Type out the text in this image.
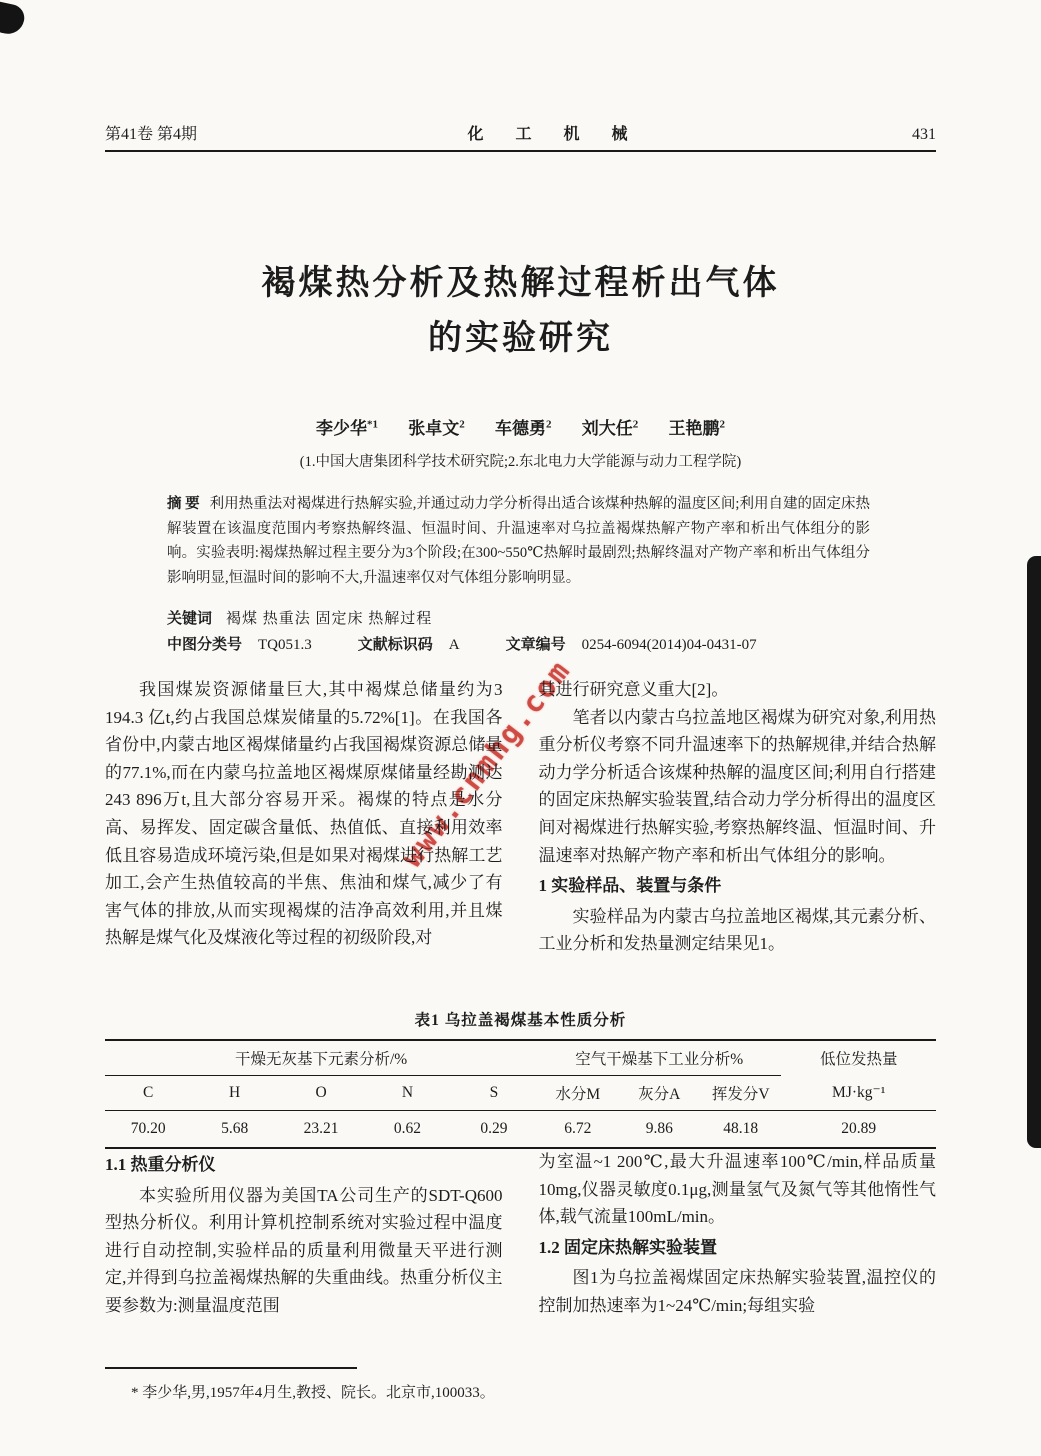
www.cnmhg.com
第41卷 第4期	化 工 机 械	431
褐煤热分析及热解过程析出气体
的实验研究
李少华$^{*1}$ 张卓文$^2$ 车德勇$^2$ 刘大任$^2$ 王艳鹏$^2$
(1.中国大唐集团科学技术研究院;2.东北电力大学能源与动力工程学院)
摘 要 利用热重法对褐煤进行热解实验,并通过动力学分析得出适合该煤种热解的温度区间;利用自建的固定床热解装置在该温度范围内考察热解终温、恒温时间、升温速率对乌拉盖褐煤热解产物产率和析出气体组分的影响。实验表明:褐煤热解过程主要分为3个阶段;在300~550℃热解时最剧烈;热解终温对产物产率和析出气体组分影响明显,恒温时间的影响不大,升温速率仅对气体组分影响明显。
关键词 褐煤 热重法 固定床 热解过程
中图分类号 TQ051.3	文献标识码 A	文章编号 0254-6094(2014)04-0431-07

我国煤炭资源储量巨大,其中褐煤总储量约为3 194.3 亿t,约占我国总煤炭储量的5.72%[1]。在我国各省份中,内蒙古地区褐煤储量约占我国褐煤资源总储量的77.1%,而在内蒙乌拉盖地区褐煤原煤储量经勘测达243 896万t,且大部分容易开采。褐煤的特点是水分高、易挥发、固定碳含量低、热值低、直接利用效率低且容易造成环境污染,但是如果对褐煤进行热解工艺加工,会产生热值较高的半焦、焦油和煤气,减少了有害气体的排放,从而实现褐煤的洁净高效利用,并且煤热解是煤气化及煤液化等过程的初级阶段,对

其进行研究意义重大[2]。

笔者以内蒙古乌拉盖地区褐煤为研究对象,利用热重分析仪考察不同升温速率下的热解规律,并结合热解动力学分析适合该煤种热解的温度区间;利用自行搭建的固定床热解实验装置,结合动力学分析得出的温度区间对褐煤进行热解实验,考察热解终温、恒温时间、升温速率对热解产物产率和析出气体组分的影响。

1 实验样品、装置与条件

实验样品为内蒙古乌拉盖地区褐煤,其元素分析、工业分析和发热量测定结果见1。

表1 乌拉盖褐煤基本性质分析
干燥无灰基下元素分析/%					空气干燥基下工业分析%			低位发热量
C	H	O	N	S	水分M	灰分A	挥发分V	MJ·kg⁻¹
70.20	5.68	23.21	0.62	0.29	6.72	9.86	48.18	20.89
1.1 热重分析仪

本实验所用仪器为美国TA公司生产的SDT-Q600型热分析仪。利用计算机控制系统对实验过程中温度进行自动控制,实验样品的质量利用微量天平进行测定,并得到乌拉盖褐煤热解的失重曲线。热重分析仪主要参数为:测量温度范围

为室温~1 200℃,最大升温速率100℃/min,样品质量10mg,仪器灵敏度0.1μg,测量氢气及氮气等其他惰性气体,载气流量100mL/min。

1.2 固定床热解实验装置

图1为乌拉盖褐煤固定床热解实验装置,温控仪的控制加热速率为1~24℃/min;每组实验

* 李少华,男,1957年4月生,教授、院长。北京市,100033。
